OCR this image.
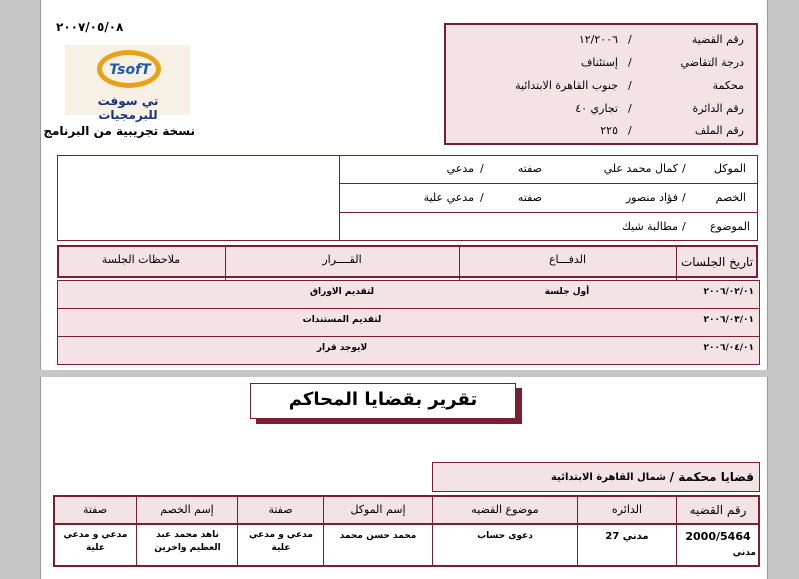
٢٠٠٧/٠٥/٠٨
TsofT
تي سوفت للبرمجيات
نسخة تجريبية من البرنامج
رقم القضية
/
١٢/٢٠٠٦
درجة التقاضي
/
إستئناف
محكمة
/
جنوب القاهرة الابتدائية
رقم الدائرة
/
تجاري ٤٠
رقم الملف
/
٢٢٥
الموكل
/
كمال محمد علي
صفته
/
مدعي
الخصم
/
فؤاد منصور
صفته
/
مدعي علية
الموضوع
/
مطالبة شيك
تاريخ الجلسات
الدفـــاع
القــــرار
ملاحظات الجلسة
٢٠٠٦/٠٢/٠١
أول جلسة
لتقديم الاوراق
٢٠٠٦/٠٣/٠١
لتقديم المستندات
٢٠٠٦/٠٤/٠١
لايوجد قرار
تقرير بقضايا المحاكم
قضايا محكمة /
شمال القاهرة الابتدائية
رقم القضيه
الدائره
موضوع القضيه
إسم الموكل
صفتة
إسم الخصم
صفتة
2000/5464
مدني
مدني 27
دعوى حساب
محمد حسن محمد
مدعي و مدعي علية
ناهد محمد عبد العظيم واخرين
مدعي و مدعي علية
